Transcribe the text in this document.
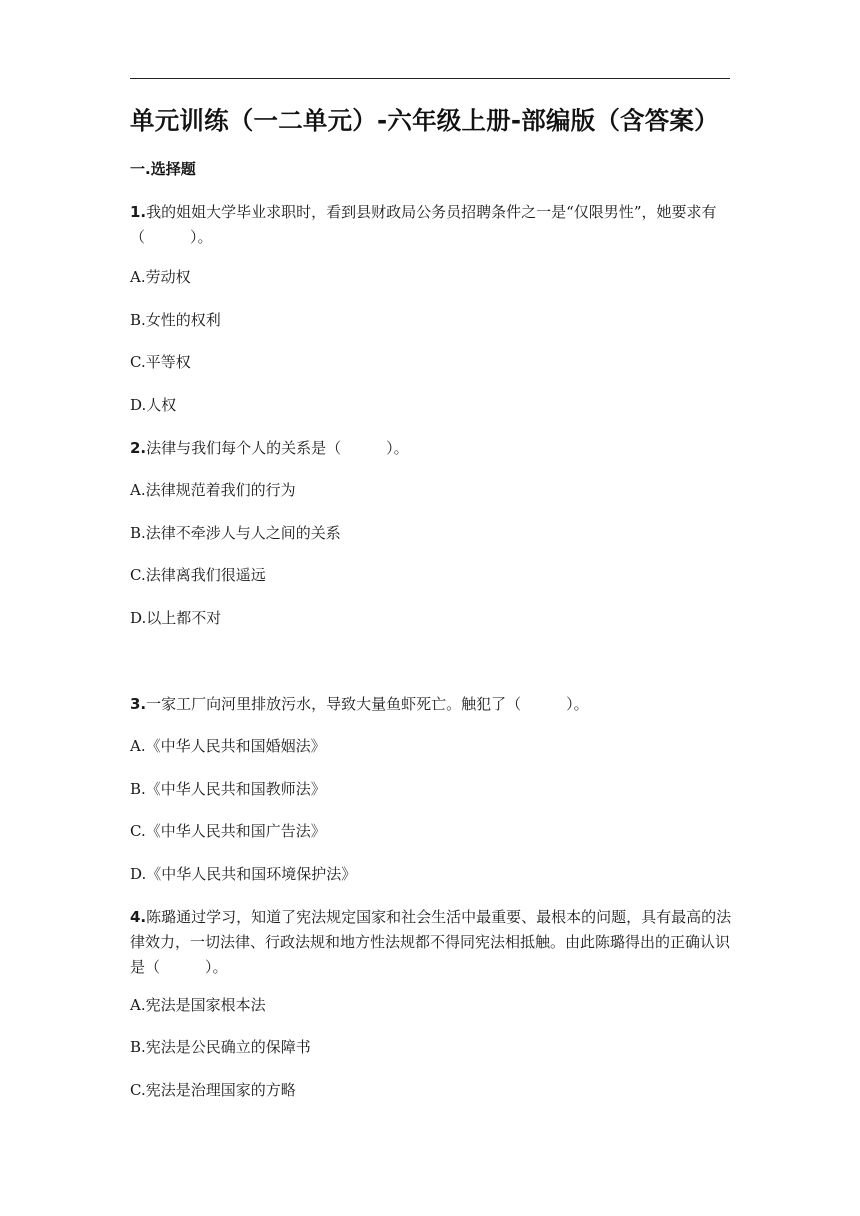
单元训练（一二单元）-六年级上册-部编版（含答案）
一.选择题
1.我的姐姐大学毕业求职时，看到县财政局公务员招聘条件之一是“仅限男性”，她要求有（　　　）。
A.劳动权
B.女性的权利
C.平等权
D.人权
2.法律与我们每个人的关系是（　　　）。
A.法律规范着我们的行为
B.法律不牵涉人与人之间的关系
C.法律离我们很遥远
D.以上都不对
3.一家工厂向河里排放污水，导致大量鱼虾死亡。触犯了（　　　）。
A.《中华人民共和国婚姻法》
B.《中华人民共和国教师法》
C.《中华人民共和国广告法》
D.《中华人民共和国环境保护法》
4.陈璐通过学习，知道了宪法规定国家和社会生活中最重要、最根本的问题，具有最高的法律效力，一切法律、行政法规和地方性法规都不得同宪法相抵触。由此陈璐得出的正确认识是（　　　）。
A.宪法是国家根本法
B.宪法是公民确立的保障书
C.宪法是治理国家的方略
